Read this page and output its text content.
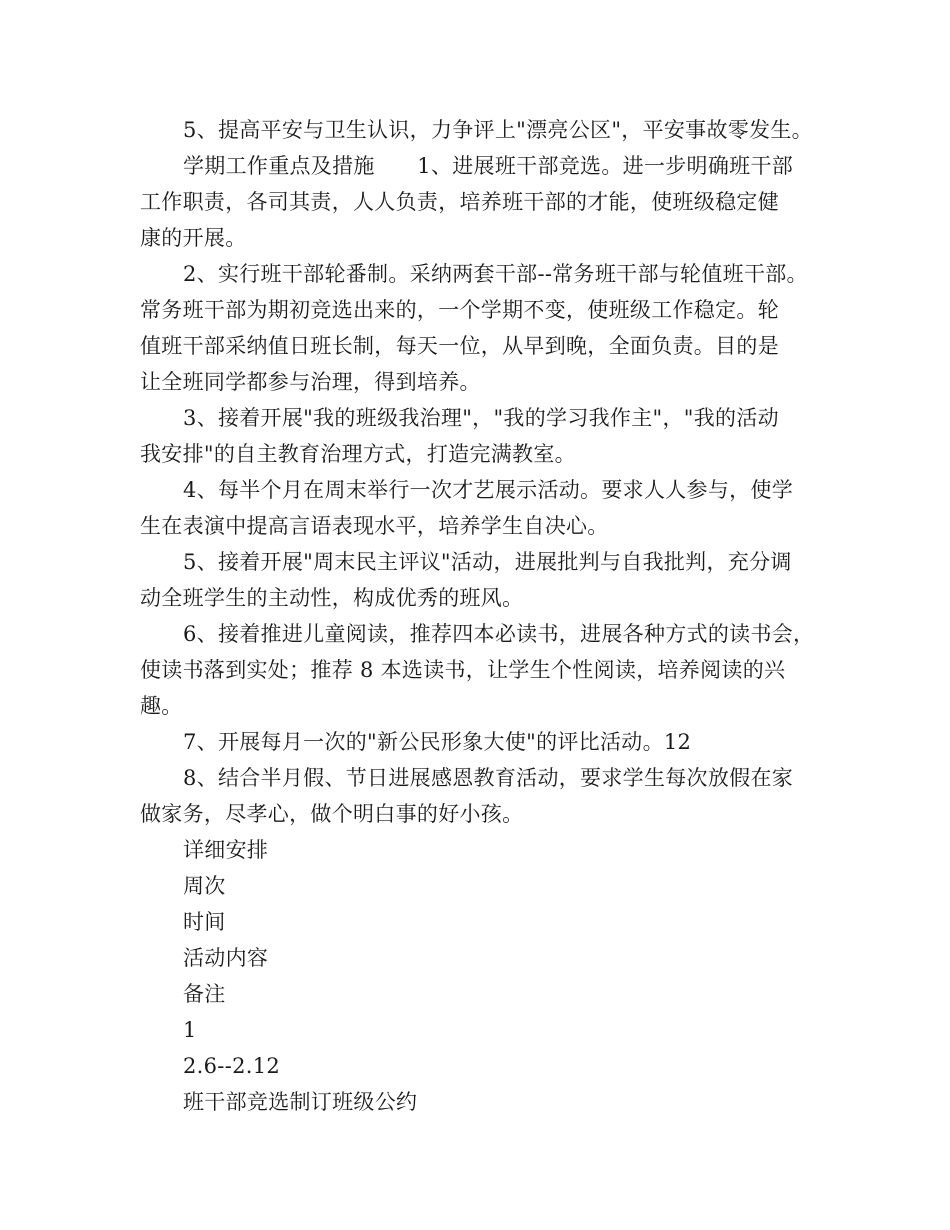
5、提高平安与卫生认识，力争评上"漂亮公区"，平安事故零发生。
学期工作重点及措施　　1、进展班干部竞选。进一步明确班干部
工作职责，各司其责，人人负责，培养班干部的才能，使班级稳定健
康的开展。
2、实行班干部轮番制。采纳两套干部--常务班干部与轮值班干部。
常务班干部为期初竞选出来的，一个学期不变，使班级工作稳定。轮
值班干部采纳值日班长制，每天一位，从早到晚，全面负责。目的是
让全班同学都参与治理，得到培养。
3、接着开展"我的班级我治理"，"我的学习我作主"，"我的活动
我安排"的自主教育治理方式，打造完满教室。
4、每半个月在周末举行一次才艺展示活动。要求人人参与，使学
生在表演中提高言语表现水平，培养学生自决心。
5、接着开展"周末民主评议"活动，进展批判与自我批判，充分调
动全班学生的主动性，构成优秀的班风。
6、接着推进儿童阅读，推荐四本必读书，进展各种方式的读书会，
使读书落到实处；推荐 8 本选读书，让学生个性阅读，培养阅读的兴
趣。
7、开展每月一次的"新公民形象大使"的评比活动。12
8、结合半月假、节日进展感恩教育活动，要求学生每次放假在家
做家务，尽孝心，做个明白事的好小孩。
详细安排
周次
时间
活动内容
备注
1
2.6--2.12
班干部竞选制订班级公约
